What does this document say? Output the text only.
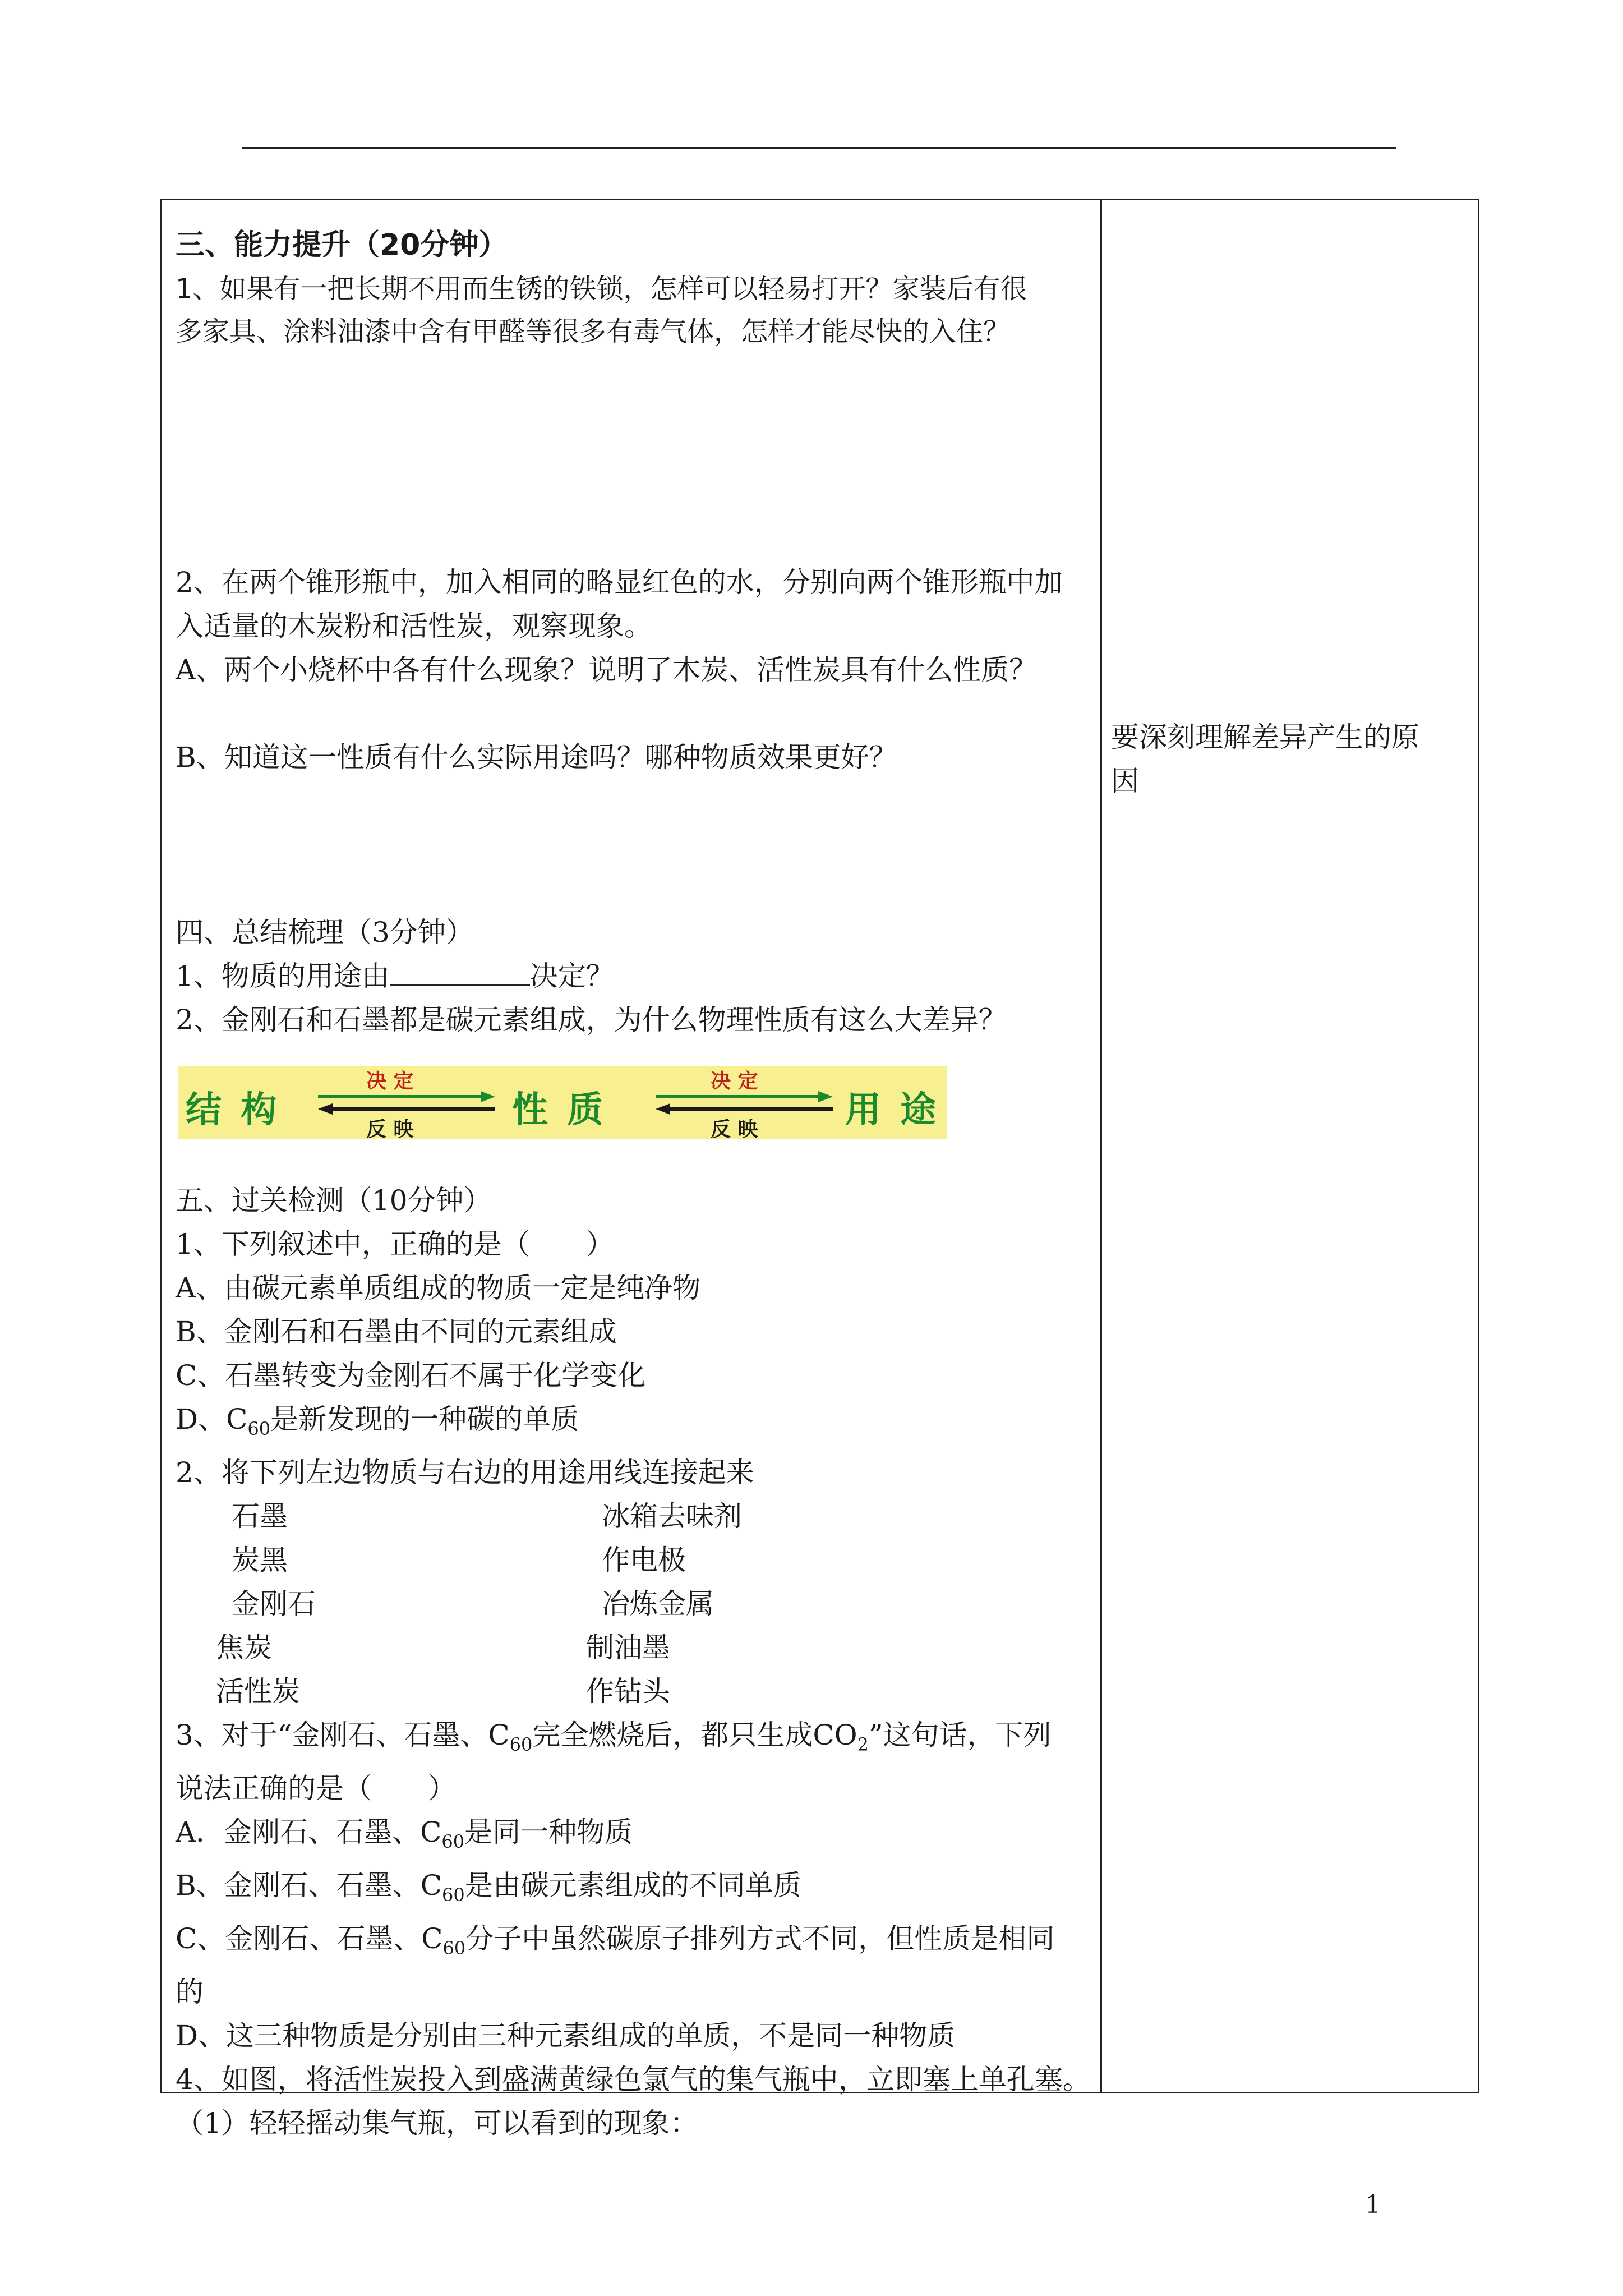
三、能力提升（20分钟）
1、如果有一把长期不用而生锈的铁锁，怎样可以轻易打开？家装后有很
多家具、涂料油漆中含有甲醛等很多有毒气体，怎样才能尽快的入住？
2、在两个锥形瓶中，加入相同的略显红色的水，分别向两个锥形瓶中加
入适量的木炭粉和活性炭，观察现象。
A、两个小烧杯中各有什么现象？说明了木炭、活性炭具有什么性质？
B、知道这一性质有什么实际用途吗？哪种物质效果更好？
四、总结梳理（3分钟）
1、物质的用途由	决定？
2、金刚石和石墨都是碳元素组成，为什么物理性质有这么大差异？
结 构
决 定
反 映	性 质
决 定
反 映 用 途
五、过关检测（10分钟）
1、下列叙述中，正确的是（　　）
A、由碳元素单质组成的物质一定是纯净物
B、金刚石和石墨由不同的元素组成
C、石墨转变为金刚石不属于化学变化
D、$C_{60}$是新发现的一种碳的单质
2、将下列左边物质与右边的用途用线连接起来
石墨	冰箱去味剂
炭黑	作电极
金刚石	冶炼金属
焦炭	制油墨
活性炭	作钻头
3、对于“金刚石、石墨、$C_{60}$完全燃烧后，都只生成$CO_2$”这句话，下列
说法正确的是（　　）
A．金刚石、石墨、$C_{60}$是同一种物质
B、金刚石、石墨、$C_{60}$是由碳元素组成的不同单质
C、金刚石、石墨、$C_{60}$分子中虽然碳原子排列方式不同，但性质是相同
的
D、这三种物质是分别由三种元素组成的单质，不是同一种物质
4、如图，将活性炭投入到盛满黄绿色氯气的集气瓶中，立即塞上单孔塞。
（1）轻轻摇动集气瓶，可以看到的现象：
要深刻理解差异产生的原
因
1
